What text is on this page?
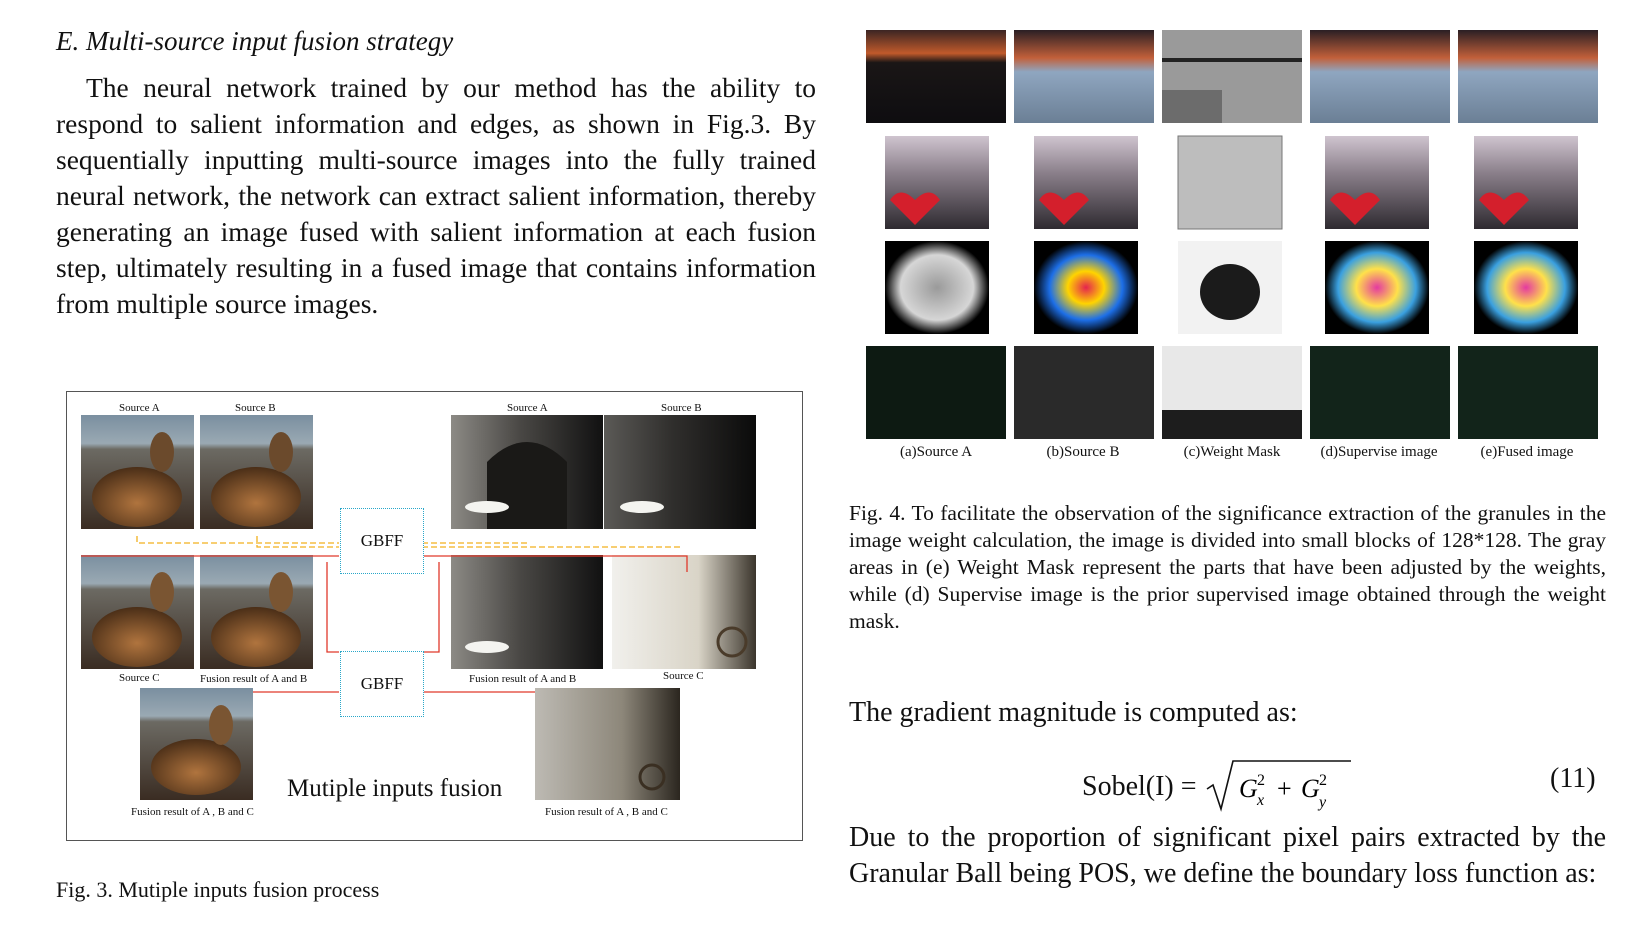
E. Multi-source input fusion strategy

The neural network trained by our method has the ability to respond to salient information and edges, as shown in Fig.3. By sequentially inputting multi-source images into the fully trained neural network, the network can extract salient information, thereby generating an image fused with salient information at each fusion step, ultimately resulting in a fused image that contains information from multiple source images.

Source A	Source B	Source A	Source B
Source C	Fusion result of A and B	Fusion result of A and B	Source C
Fusion result of A , B and C	Fusion result of A , B and C
GBFF
GBFF
Mutiple inputs fusion
Fig. 3. Mutiple inputs fusion process
(a)Source A	(b)Source B	(c)Weight Mask	(d)Supervise image	(e)Fused image

Fig. 4. To facilitate the observation of the significance extraction of the granules in the image weight calculation, the image is divided into small blocks of 128*128. The gray areas in (e) Weight Mask represent the parts that have been adjusted by the weights, while (d) Supervise image is the prior supervised image obtained through the weight mask.

The gradient magnitude is computed as:
Sobel(I) = G 2
x + G 2
y
(11)

Due to the proportion of significant pixel pairs extracted by the Granular Ball being POS, we define the boundary loss function as:
